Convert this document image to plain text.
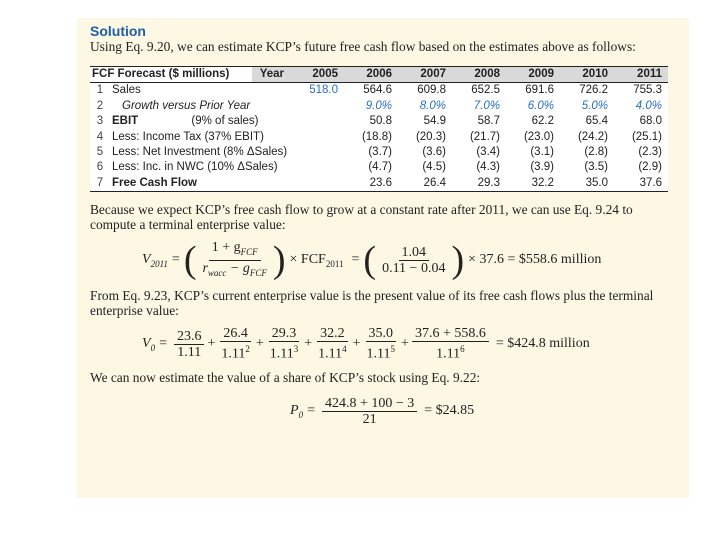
Solution

Using Eq. 9.20, we can estimate KCP’s future free cash flow based on the estimates above as follows:

FCF Forecast ($ millions)		Year	2005	2006	2007	2008	2009	2010	2011
1	Sales		518.0	564.6	609.8	652.5	691.6	726.2	755.3
2	Growth versus Prior Year			9.0%	8.0%	7.0%	6.0%	5.0%	4.0%
3	EBIT (9% of sales)			50.8	54.9	58.7	62.2	65.4	68.0
4	Less: Income Tax (37% EBIT)			(18.8)	(20.3)	(21.7)	(23.0)	(24.2)	(25.1)
5	Less: Net Investment (8% ΔSales)			(3.7)	(3.6)	(3.4)	(3.1)	(2.8)	(2.3)
6	Less: Inc. in NWC (10% ΔSales)			(4.7)	(4.5)	(4.3)	(3.9)	(3.5)	(2.9)
7	Free Cash Flow			23.6	26.4	29.3	32.2	35.0	37.6

Because we expect KCP’s free cash flow to grow at a constant rate after 2011, we can use Eq. 9.24 to compute a terminal enterprise value:

$V_{2011}$ = ( $\frac{1 + g_{FCF}}{r_{wacc} - g_{FCF}}$ ) × $FCF_{2011}$ = ( $\frac{1.04}{0.11 - 0.04}$ ) × 37.6 = $558.6 million

From Eq. 9.23, KCP’s current enterprise value is the present value of its free cash flows plus the terminal enterprise value:

$V_0 = \frac{23.6}{1.11} + \frac{26.4}{1.11^2} + \frac{29.3}{1.11^3} + \frac{32.2}{1.11^4} + \frac{35.0}{1.11^5} + \frac{37.6 + 558.6}{1.11^6}$ = $424.8 million

We can now estimate the value of a share of KCP’s stock using Eq. 9.22:

$P_0 = \frac{424.8 + 100 - 3}{21}$ = $24.85
